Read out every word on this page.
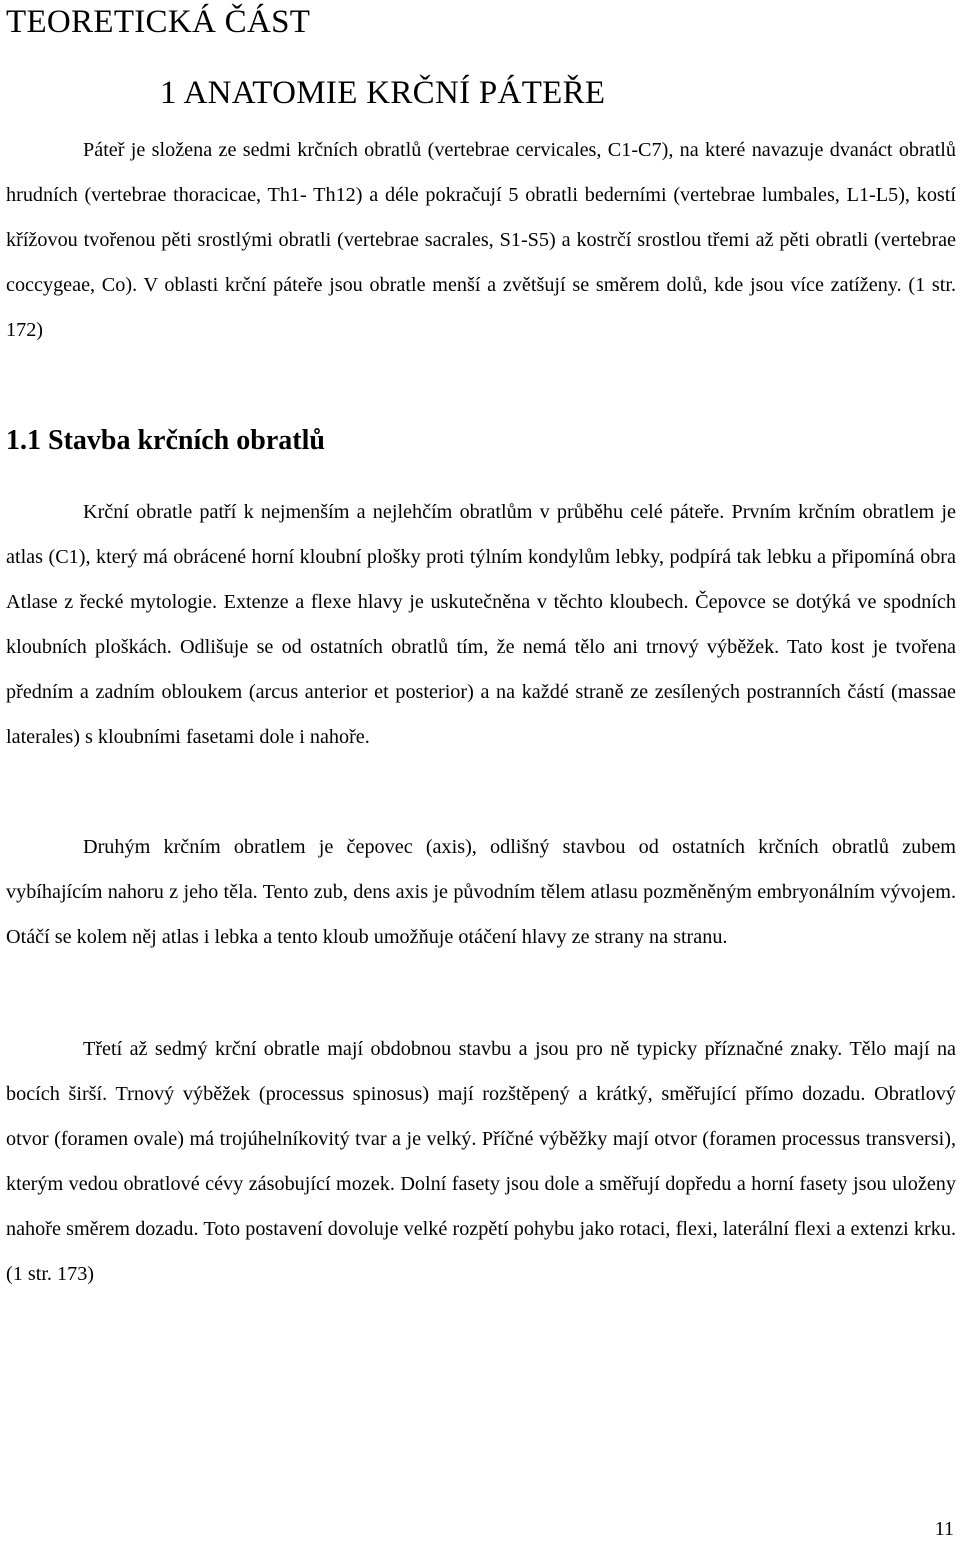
TEORETICKÁ ČÁST
1 ANATOMIE KRČNÍ PÁTEŘE

Páteř je složena ze sedmi krčních obratlů (vertebrae cervicales, C1-C7), na které navazuje dvanáct obratlů hrudních (vertebrae thoracicae, Th1- Th12) a déle pokračují 5 obratli bederními (vertebrae lumbales, L1-L5), kostí křížovou tvořenou pěti srostlými obratli (vertebrae sacrales, S1-S5) a kostrčí srostlou třemi až pěti obratli (vertebrae coccygeae, Co). V oblasti krční páteře jsou obratle menší a zvětšují se směrem dolů, kde jsou více zatíženy. (1 str. 172)

1.1 Stavba krčních obratlů

Krční obratle patří k nejmenším a nejlehčím obratlům v průběhu celé páteře. Prvním krčním obratlem je atlas (C1), který má obrácené horní kloubní plošky proti týlním kondylům lebky, podpírá tak lebku a připomíná obra Atlase z řecké mytologie. Extenze a flexe hlavy je uskutečněna v těchto kloubech. Čepovce se dotýká ve spodních kloubních ploškách. Odlišuje se od ostatních obratlů tím, že nemá tělo ani trnový výběžek. Tato kost je tvořena předním a zadním obloukem (arcus anterior et posterior) a na každé straně ze zesílených postranních částí (massae laterales) s kloubními fasetami dole i nahoře.

Druhým krčním obratlem je čepovec (axis), odlišný stavbou od ostatních krčních obratlů zubem vybíhajícím nahoru z jeho těla. Tento zub, dens axis je původním tělem atlasu pozměněným embryonálním vývojem. Otáčí se kolem něj atlas i lebka a tento kloub umožňuje otáčení hlavy ze strany na stranu.

Třetí až sedmý krční obratle mají obdobnou stavbu a jsou pro ně typicky příznačné znaky. Tělo mají na bocích širší. Trnový výběžek (processus spinosus) mají rozštěpený a krátký, směřující přímo dozadu. Obratlový otvor (foramen ovale) má trojúhelníkovitý tvar a je velký. Příčné výběžky mají otvor (foramen processus transversi), kterým vedou obratlové cévy zásobující mozek. Dolní fasety jsou dole a směřují dopředu a horní fasety jsou uloženy nahoře směrem dozadu. Toto postavení dovoluje velké rozpětí pohybu jako rotaci, flexi, laterální flexi a extenzi krku. (1 str. 173)

11
